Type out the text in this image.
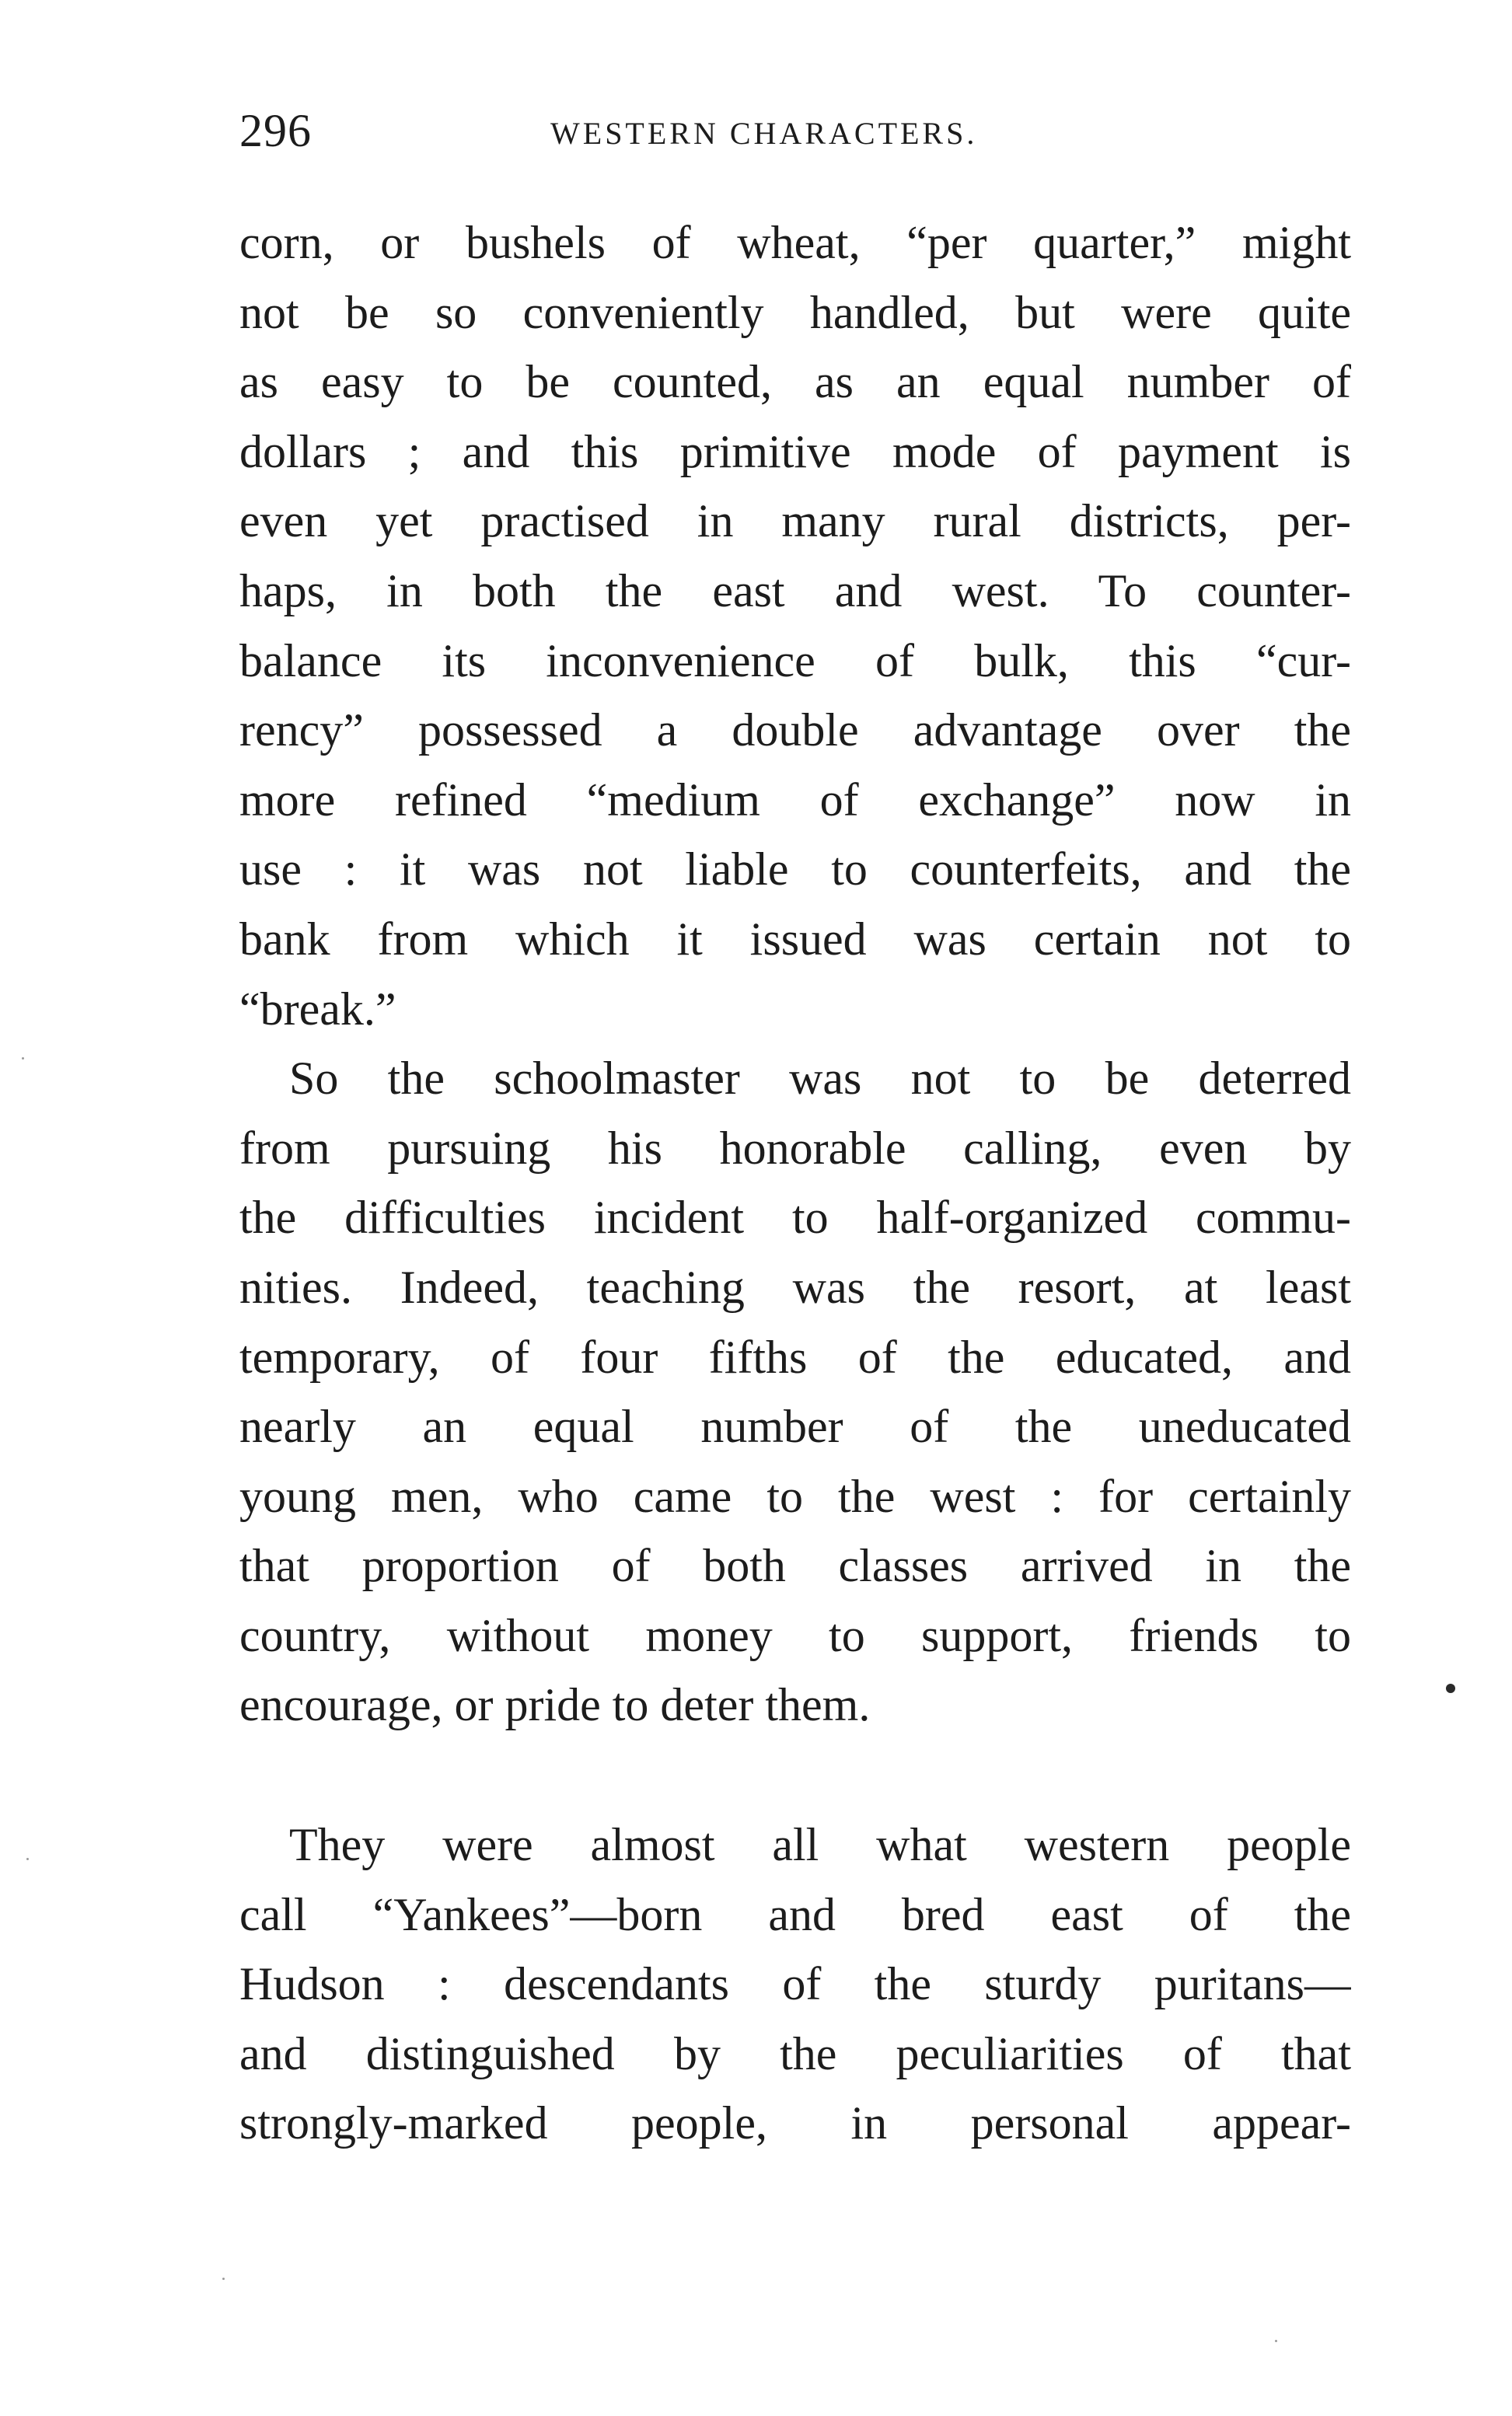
296	WESTERN CHARACTERS.
corn, or bushels of wheat, “per quarter,” might
not be so conveniently handled, but were quite
as easy to be counted, as an equal number of
dollars ; and this primitive mode of payment is
even yet practised in many rural districts, per-
haps, in both the east and west. To counter-
balance its inconvenience of bulk, this “cur-
rency” possessed a double advantage over the
more refined “medium of exchange” now in
use : it was not liable to counterfeits, and the
bank from which it issued was certain not to
“break.”
So the schoolmaster was not to be deterred
from pursuing his honorable calling, even by
the difficulties incident to half-organized commu-
nities. Indeed, teaching was the resort, at least
temporary, of four fifths of the educated, and
nearly an equal number of the uneducated
young men, who came to the west : for certainly
that proportion of both classes arrived in the
country, without money to support, friends to
encourage, or pride to deter them.
They were almost all what western people
call “Yankees”—born and bred east of the
Hudson : descendants of the sturdy puritans—
and distinguished by the peculiarities of that
strongly-marked people, in personal appear-
